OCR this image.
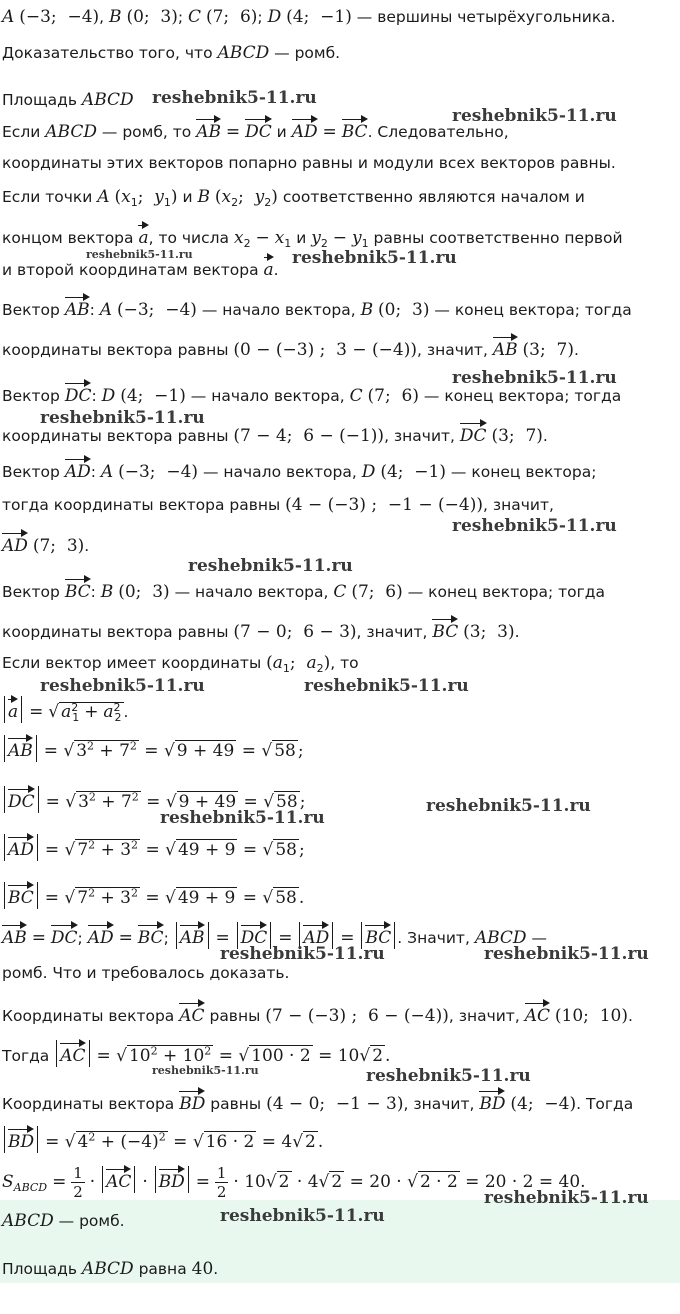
A (−3;  −4), B (0;  3); C (7;  6); D (4;  −1) — вершины четырёхугольника.
Доказательство того, что ABCD — ромб.
Площадь ABCD
Если ABCD — ромб, то AB = DC и AD = BC. Следовательно,
координаты этих векторов попарно равны и модули всех векторов равны.
Если точки A ($x_1$;  $y_1$) и B ($x_2$;  $y_2$) соответственно являются началом и
концом вектора a, то числа $x_2 - x_1$ и $y_2 - y_1$ равны соответственно первой
и второй координатам вектора a.
Вектор AB: A (−3;  −4) — начало вектора, B (0;  3) — конец вектора; тогда
координаты вектора равны (0 − (−3) ;  3 − (−4)), значит, AB (3;  7).
Вектор DC: D (4;  −1) — начало вектора, C (7;  6) — конец вектора; тогда
координаты вектора равны (7 − 4;  6 − (−1)), значит, DC (3;  7).
Вектор AD: A (−3;  −4) — начало вектора, D (4;  −1) — конец вектора;
тогда координаты вектора равны (4 − (−3) ;  −1 − (−4)), значит,
AD (7;  3).
Вектор BC: B (0;  3) — начало вектора, C (7;  6) — конец вектора; тогда
координаты вектора равны (7 − 0;  6 − 3), значит, BC (3;  3).
Если вектор имеет координаты ($a_1$;  $a_2$), то
a = √ $a^2_1 + a^2_2$ .
AB = √ $3^2 + 7^2$ = √ 9 + 49 = √ 58 ;
DC = √ $3^2 + 7^2$ = √ 9 + 49 = √ 58 ;
AD = √ $7^2 + 3^2$ = √ 49 + 9 = √ 58 ;
BC = √ $7^2 + 3^2$ = √ 49 + 9 = √ 58 .
AB = DC; AD = BC; AB = DC = AD = BC . Значит, ABCD —
ромб. Что и требовалось доказать.
Координаты вектора AC равны (7 − (−3) ;  6 − (−4)), значит, AC (10;  10).
Тогда AC = √ $10^2 + 10^2$ = √ 100 · 2 = 10√ 2 .
Координаты вектора BD равны (4 − 0;  −1 − 3), значит, BD (4;  −4). Тогда
BD = √ $4^2 + (-4)^2$ = √ 16 · 2 = 4√ 2 .
$S_{ABCD} = \frac{1}{2}$ · AC · BD = $\frac{1}{2} \cdot 10√$ 2 · 4√ 2 = 20 · √ 2 · 2 = 20 · 2 = 40.
ABCD — ромб.
Площадь ABCD равна 40.
reshebnik5-11.ru
reshebnik5-11.ru
reshebnik5-11.ru	reshebnik5-11.ru
reshebnik5-11.ru
reshebnik5-11.ru
reshebnik5-11.ru
reshebnik5-11.ru
reshebnik5-11.ru	reshebnik5-11.ru
reshebnik5-11.ru
reshebnik5-11.ru
reshebnik5-11.ru	reshebnik5-11.ru
reshebnik5-11.ru	reshebnik5-11.ru
reshebnik5-11.ru
reshebnik5-11.ru
